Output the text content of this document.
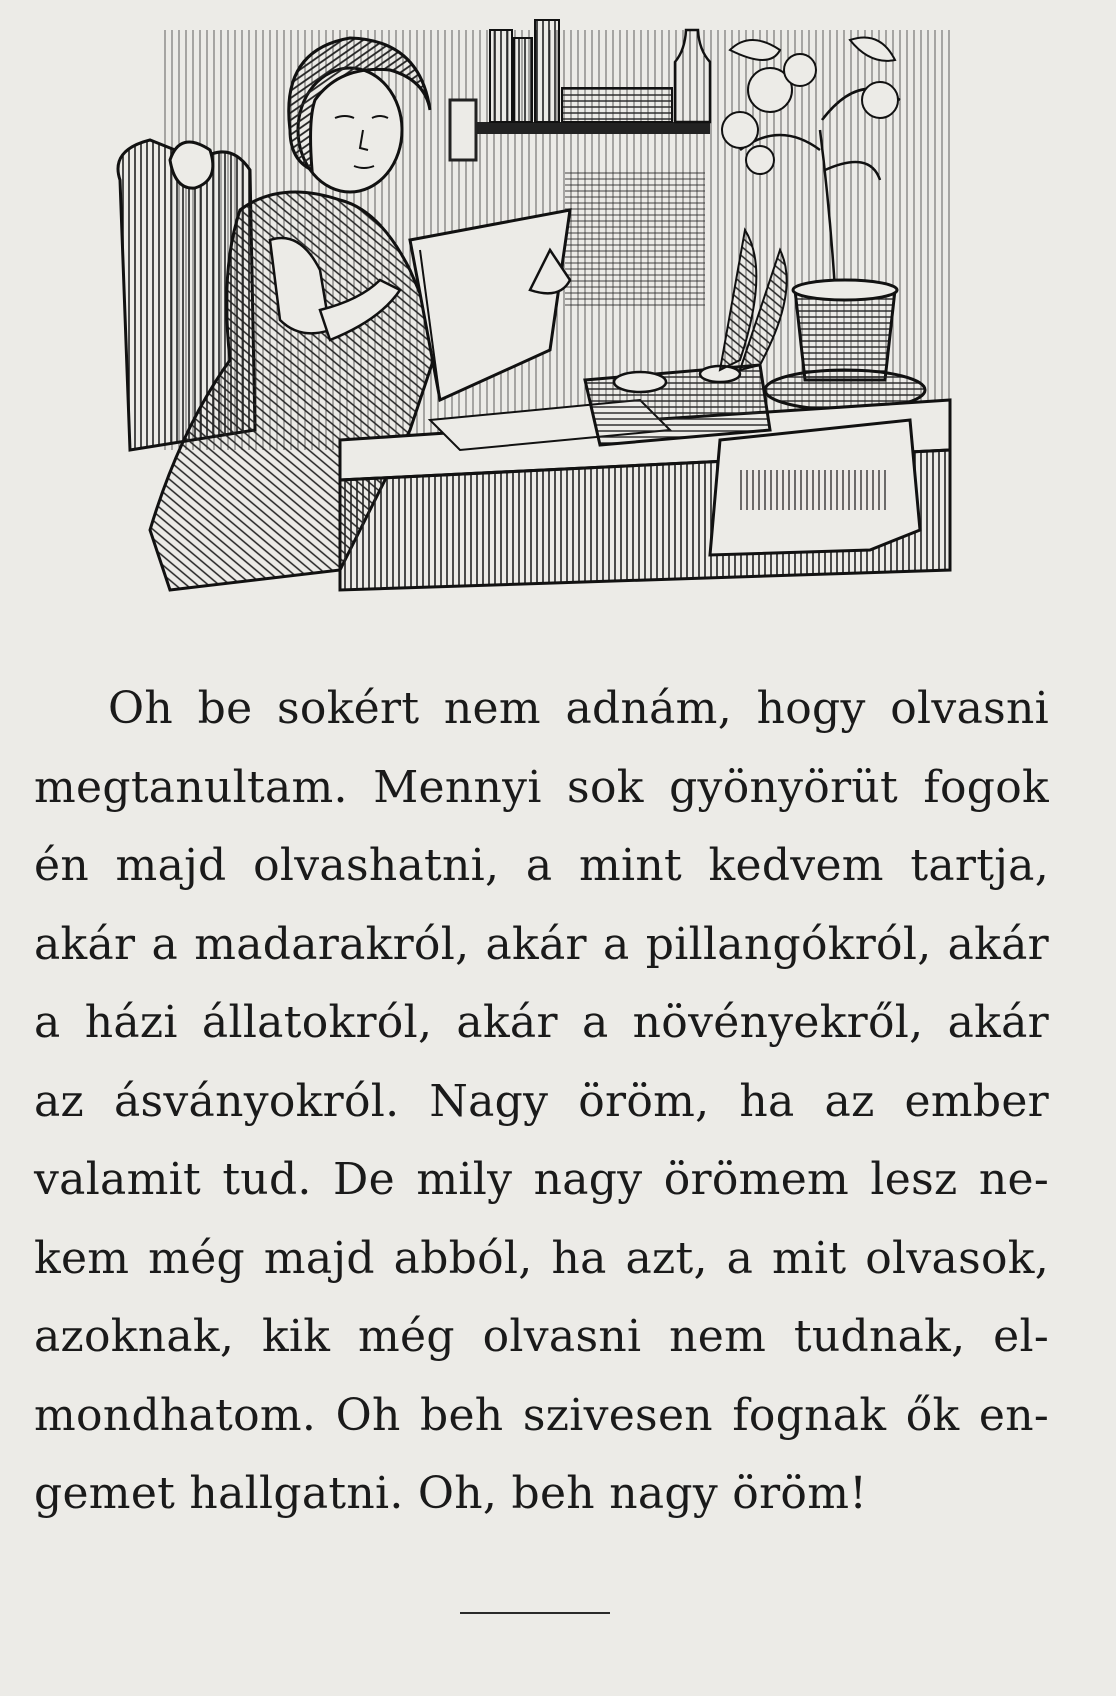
Oh be sokért nem adnám, hogy olvasni
megtanultam. Mennyi sok gyönyörüt fogok
én majd olvashatni, a mint kedvem tartja,
akár a madarakról, akár a pillangókról, akár
a házi állatokról, akár a növényekről, akár
az ásványokról. Nagy öröm, ha az ember
valamit tud. De mily nagy örömem lesz ne-
kem még majd abból, ha azt, a mit olvasok,
azoknak, kik még olvasni nem tudnak, el-
mondhatom. Oh beh szivesen fognak ők en-
gemet hallgatni. Oh, beh nagy öröm!
